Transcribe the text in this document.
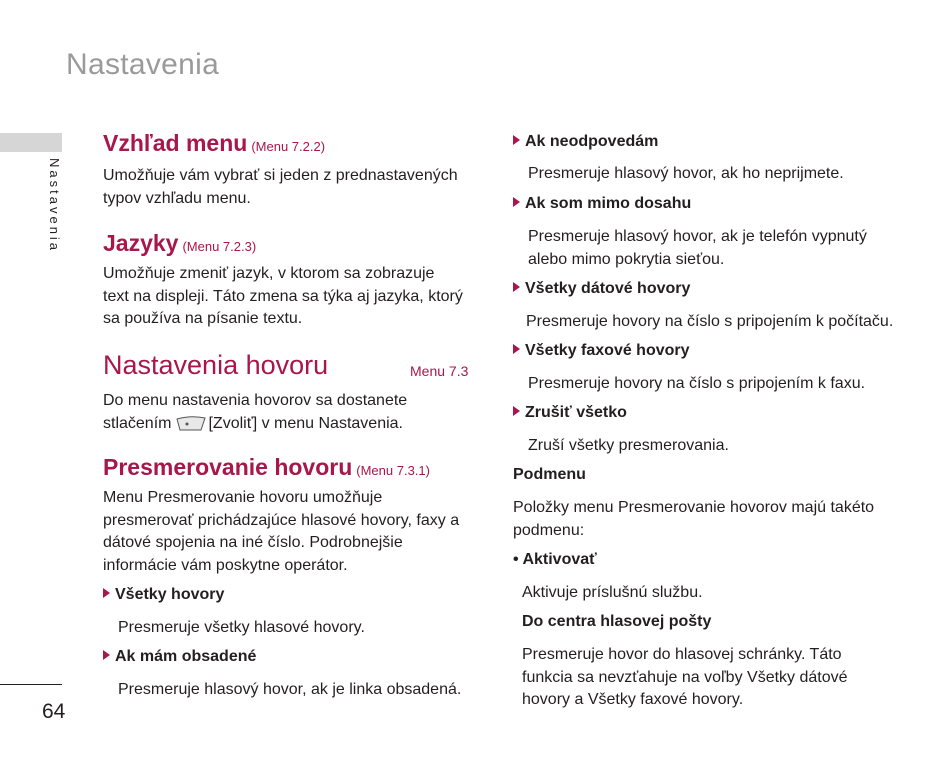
Nastavenia
Nastavenia
64
Vzhľad menu (Menu 7.2.2)
Umožňuje vám vybrať si jeden z prednastavených typov vzhľadu menu.
Jazyky (Menu 7.2.3)
Umožňuje zmeniť jazyk, v ktorom sa zobrazuje text na displeji. Táto zmena sa týka aj jazyka, ktorý sa používa na písanie textu.
Nastavenia hovoru	Menu 7.3
Do menu nastavenia hovorov sa dostanete
stlačením [Zvoliť] v menu Nastavenia.
Presmerovanie hovoru (Menu 7.3.1)
Menu Presmerovanie hovoru umožňuje presmerovať prichádzajúce hlasové hovory, faxy a dátové spojenia na iné číslo. Podrobnejšie informácie vám poskytne operátor.
Všetky hovory
Presmeruje všetky hlasové hovory.
Ak mám obsadené
Presmeruje hlasový hovor, ak je linka obsadená.
Ak neodpovedám
Presmeruje hlasový hovor, ak ho neprijmete.
Ak som mimo dosahu
Presmeruje hlasový hovor, ak je telefón vypnutý alebo mimo pokrytia sieťou.
Všetky dátové hovory
Presmeruje hovory na číslo s pripojením k počítaču.
Všetky faxové hovory
Presmeruje hovory na číslo s pripojením k faxu.
Zrušiť všetko
Zruší všetky presmerovania.
Podmenu
Položky menu Presmerovanie hovorov majú takéto podmenu:
• Aktivovať
Aktivuje príslušnú službu.
Do centra hlasovej pošty
Presmeruje hovor do hlasovej schránky. Táto funkcia sa nevzťahuje na voľby Všetky dátové hovory a Všetky faxové hovory.
